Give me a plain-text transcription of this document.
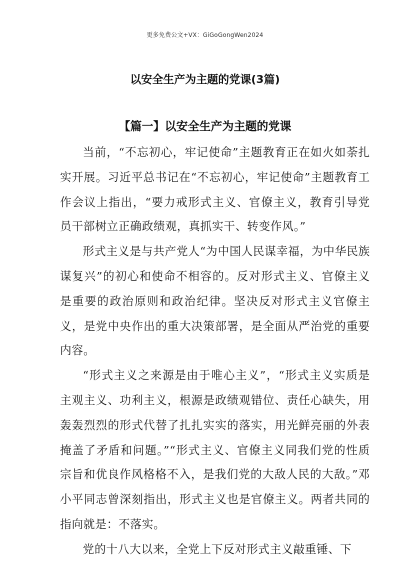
更多免费公文+VX：GiGoGongWen2024
以安全生产为主题的党课(3篇)
【篇一】以安全生产为主题的党课

当前，“不忘初心，牢记使命”主题教育正在如火如荼扎实开展。习近平总书记在“不忘初心，牢记使命”主题教育工作会议上指出，“要力戒形式主义、官僚主义，教育引导党员干部树立正确政绩观，真抓实干、转变作风。”

形式主义是与共产党人“为中国人民谋幸福，为中华民族谋复兴”的初心和使命不相容的。反对形式主义、官僚主义是重要的政治原则和政治纪律。坚决反对形式主义官僚主义，是党中央作出的重大决策部署，是全面从严治党的重要内容。

“形式主义之来源是由于唯心主义”，“形式主义实质是主观主义、功利主义，根源是政绩观错位、责任心缺失，用轰轰烈烈的形式代替了扎扎实实的落实，用光鲜亮丽的外表掩盖了矛盾和问题。”“形式主义、官僚主义同我们党的性质宗旨和优良作风格格不入，是我们党的大敌人民的大敌。”邓小平同志曾深刻指出，形式主义也是官僚主义。两者共同的指向就是：不落实。

党的十八大以来，全党上下反对形式主义敲重锤、下
